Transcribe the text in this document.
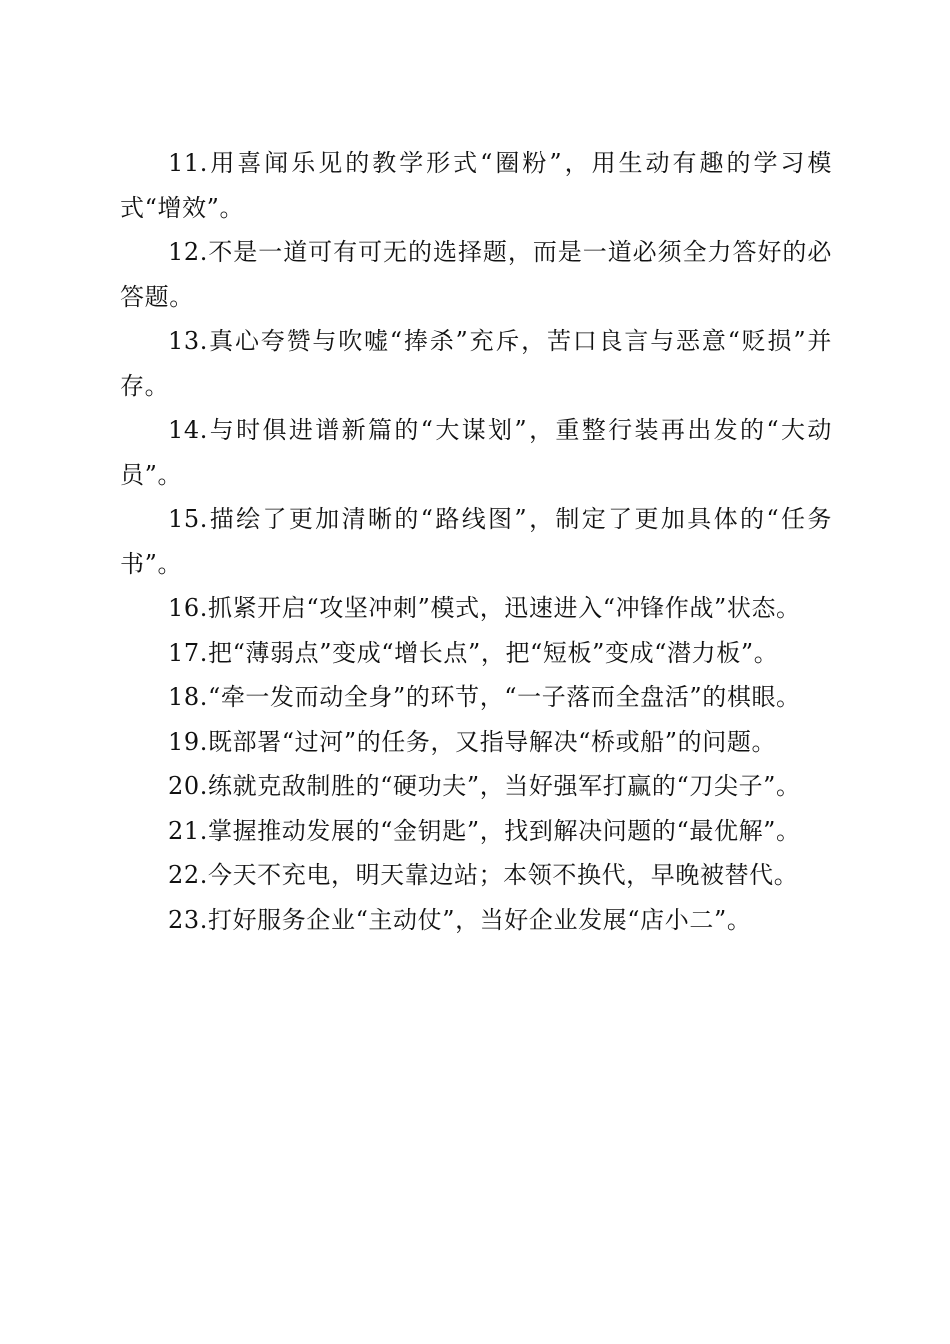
11.用喜闻乐见的教学形式“圈粉”，用生动有趣的学习模式“增效”。

12.不是一道可有可无的选择题，而是一道必须全力答好的必答题。

13.真心夸赞与吹嘘“捧杀”充斥，苦口良言与恶意“贬损”并存。

14.与时俱进谱新篇的“大谋划”，重整行装再出发的“大动员”。

15.描绘了更加清晰的“路线图”，制定了更加具体的“任务书”。

16.抓紧开启“攻坚冲刺”模式，迅速进入“冲锋作战”状态。

17.把“薄弱点”变成“增长点”，把“短板”变成“潜力板”。

18.“牵一发而动全身”的环节，“一子落而全盘活”的棋眼。

19.既部署“过河”的任务，又指导解决“桥或船”的问题。

20.练就克敌制胜的“硬功夫”，当好强军打赢的“刀尖子”。

21.掌握推动发展的“金钥匙”，找到解决问题的“最优解”。

22.今天不充电，明天靠边站；本领不换代，早晚被替代。

23.打好服务企业“主动仗”，当好企业发展“店小二”。
